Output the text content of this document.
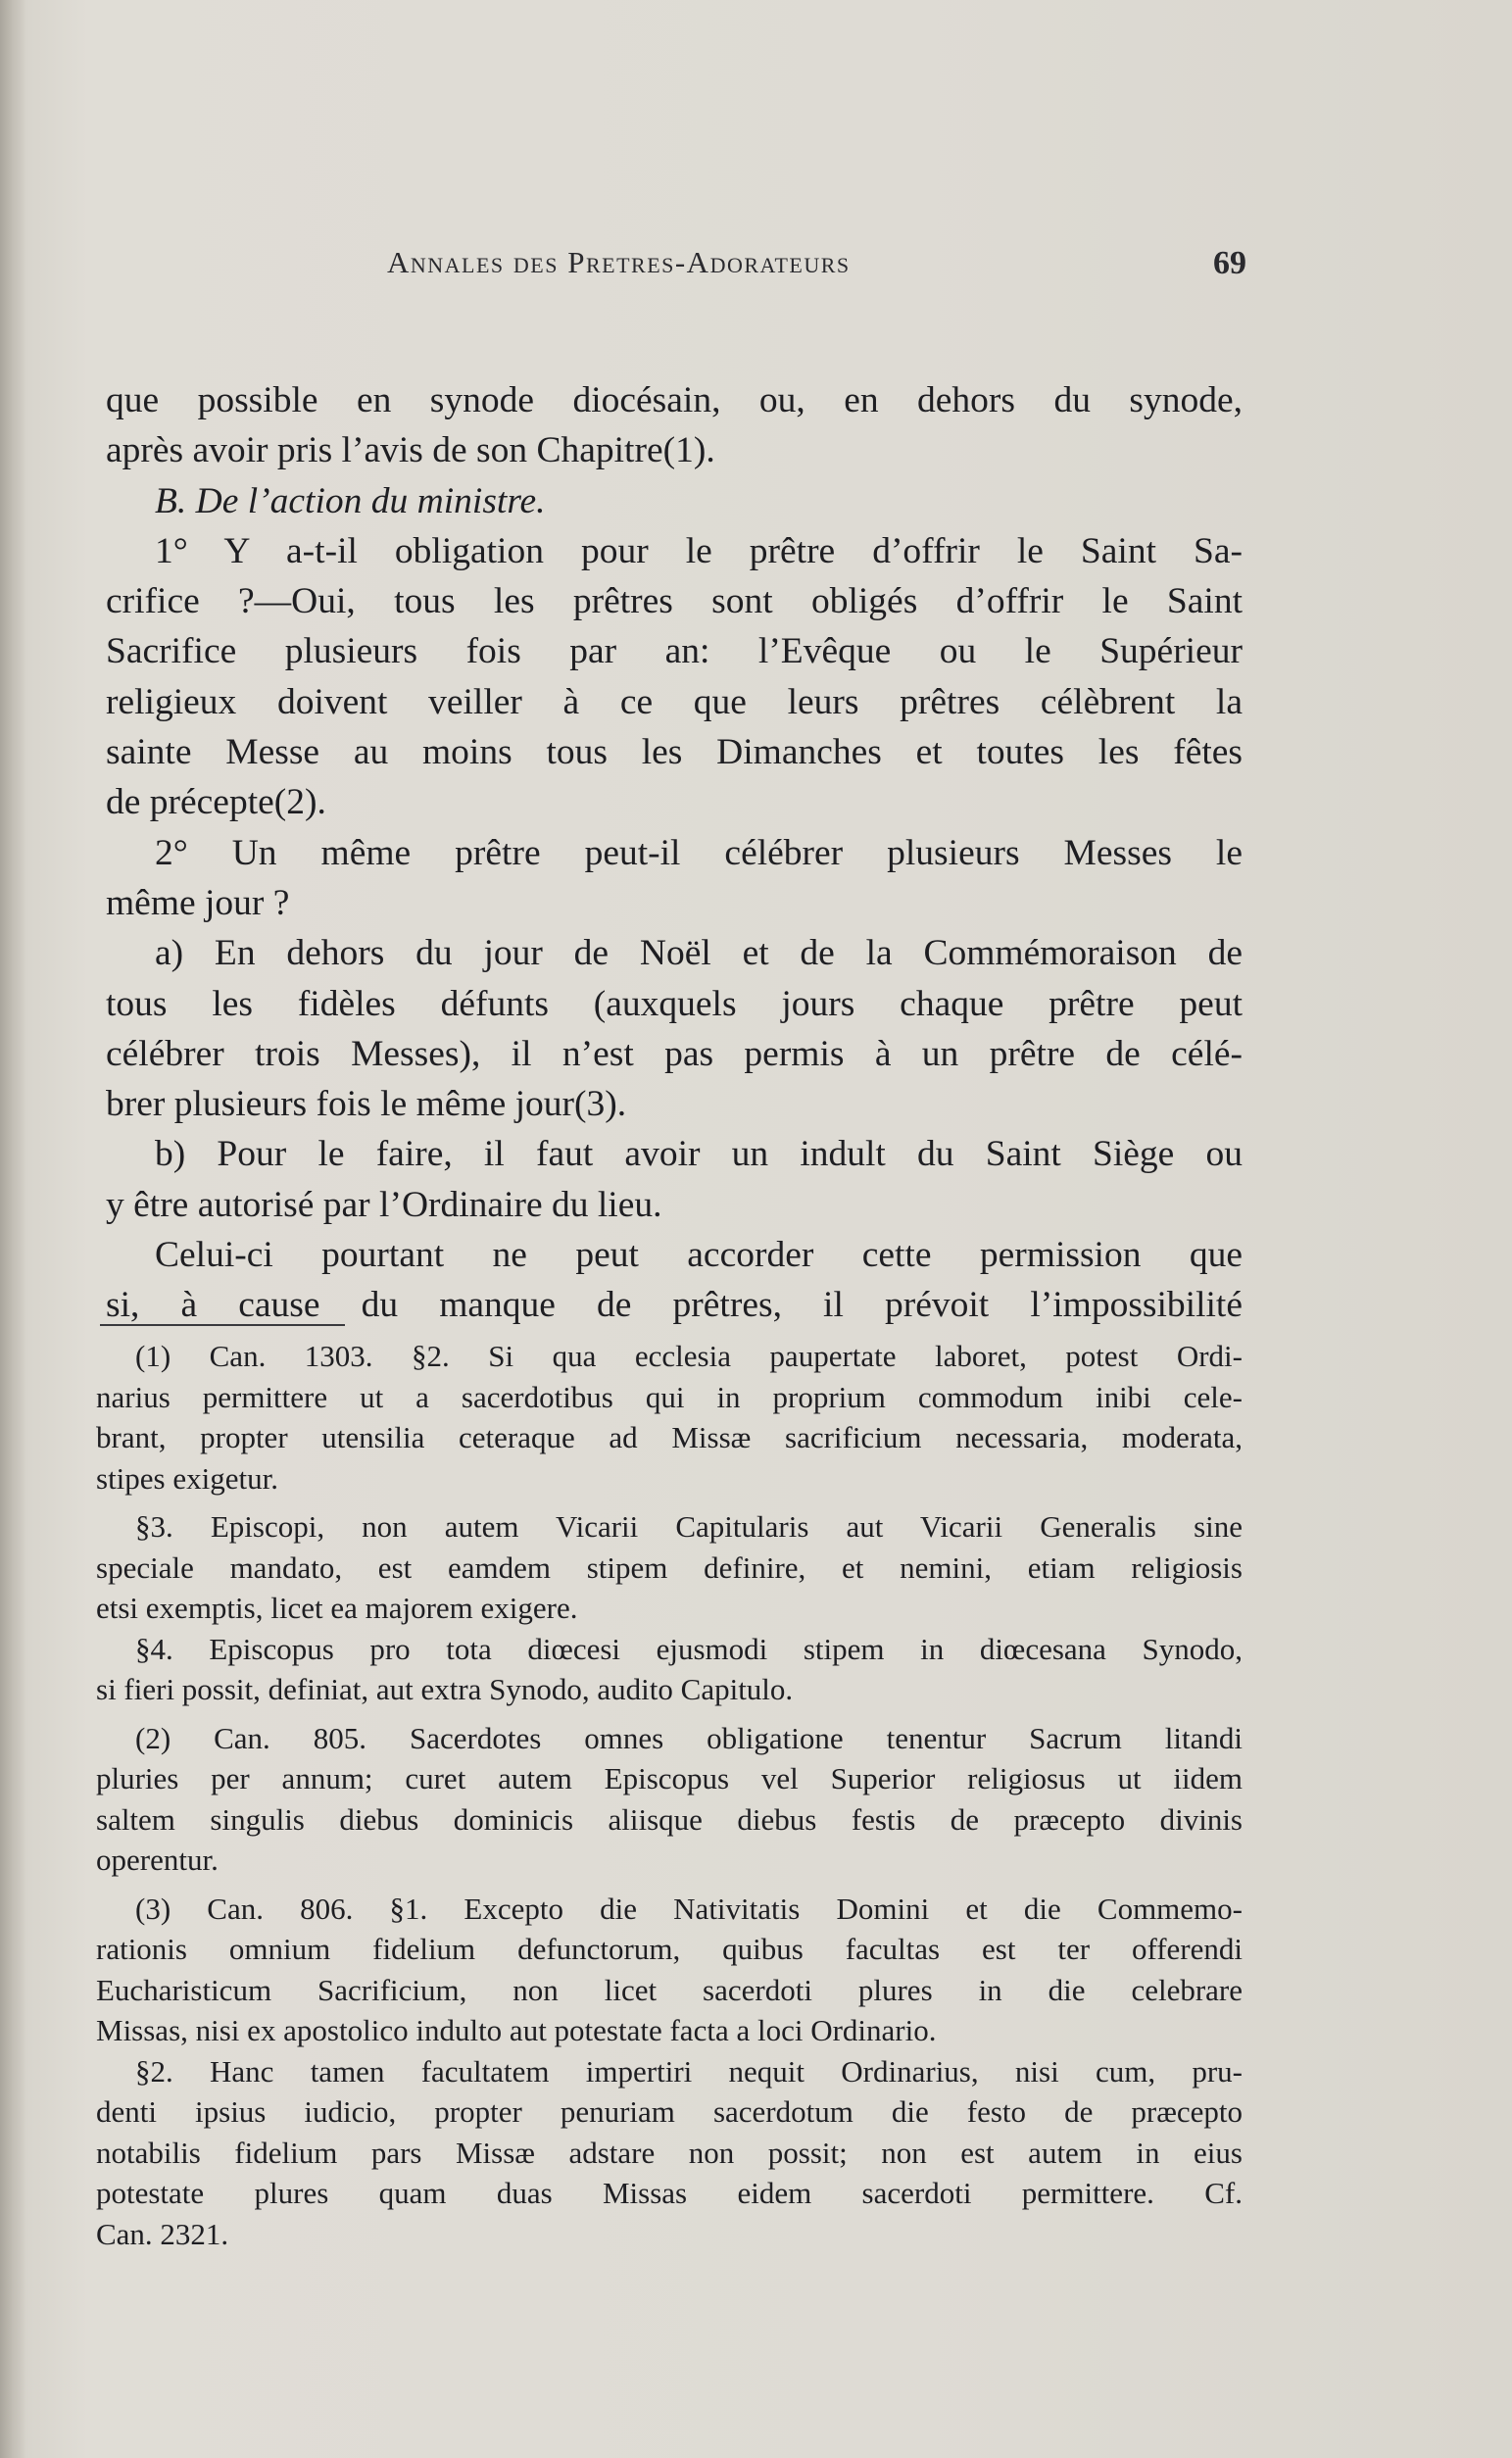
Annales des Pretres-Adorateurs	69
que possible en synode diocésain, ou, en dehors du synode,
après avoir pris l’avis de son Chapitre(1).
B. De l’action du ministre.
1° Y a-t-il obligation pour le prêtre d’offrir le Saint Sa-
crifice ?—Oui, tous les prêtres sont obligés d’offrir le Saint
Sacrifice plusieurs fois par an: l’Evêque ou le Supérieur
religieux doivent veiller à ce que leurs prêtres célèbrent la
sainte Messe au moins tous les Dimanches et toutes les fêtes
de précepte(2).
2° Un même prêtre peut-il célébrer plusieurs Messes le
même jour ?
a) En dehors du jour de Noël et de la Commémoraison de
tous les fidèles défunts (auxquels jours chaque prêtre peut
célébrer trois Messes), il n’est pas permis à un prêtre de célé-
brer plusieurs fois le même jour(3).
b) Pour le faire, il faut avoir un indult du Saint Siège ou
y être autorisé par l’Ordinaire du lieu.
Celui-ci pourtant ne peut accorder cette permission que
si, à cause du manque de prêtres, il prévoit l’impossibilité
(1) Can. 1303. §2. Si qua ecclesia paupertate laboret, potest Ordi-
narius permittere ut a sacerdotibus qui in proprium commodum inibi cele-
brant, propter utensilia ceteraque ad Missæ sacrificium necessaria, moderata,
stipes exigetur.
§3. Episcopi, non autem Vicarii Capitularis aut Vicarii Generalis sine
speciale mandato, est eamdem stipem definire, et nemini, etiam religiosis
etsi exemptis, licet ea majorem exigere.
§4. Episcopus pro tota diœcesi ejusmodi stipem in diœcesana Synodo,
si fieri possit, definiat, aut extra Synodo, audito Capitulo.
(2) Can. 805. Sacerdotes omnes obligatione tenentur Sacrum litandi
pluries per annum; curet autem Episcopus vel Superior religiosus ut iidem
saltem singulis diebus dominicis aliisque diebus festis de præcepto divinis
operentur.
(3) Can. 806. §1. Excepto die Nativitatis Domini et die Commemo-
rationis omnium fidelium defunctorum, quibus facultas est ter offerendi
Eucharisticum Sacrificium, non licet sacerdoti plures in die celebrare
Missas, nisi ex apostolico indulto aut potestate facta a loci Ordinario.
§2. Hanc tamen facultatem impertiri nequit Ordinarius, nisi cum, pru-
denti ipsius iudicio, propter penuriam sacerdotum die festo de præcepto
notabilis fidelium pars Missæ adstare non possit; non est autem in eius
potestate plures quam duas Missas eidem sacerdoti permittere. Cf.
Can. 2321.
